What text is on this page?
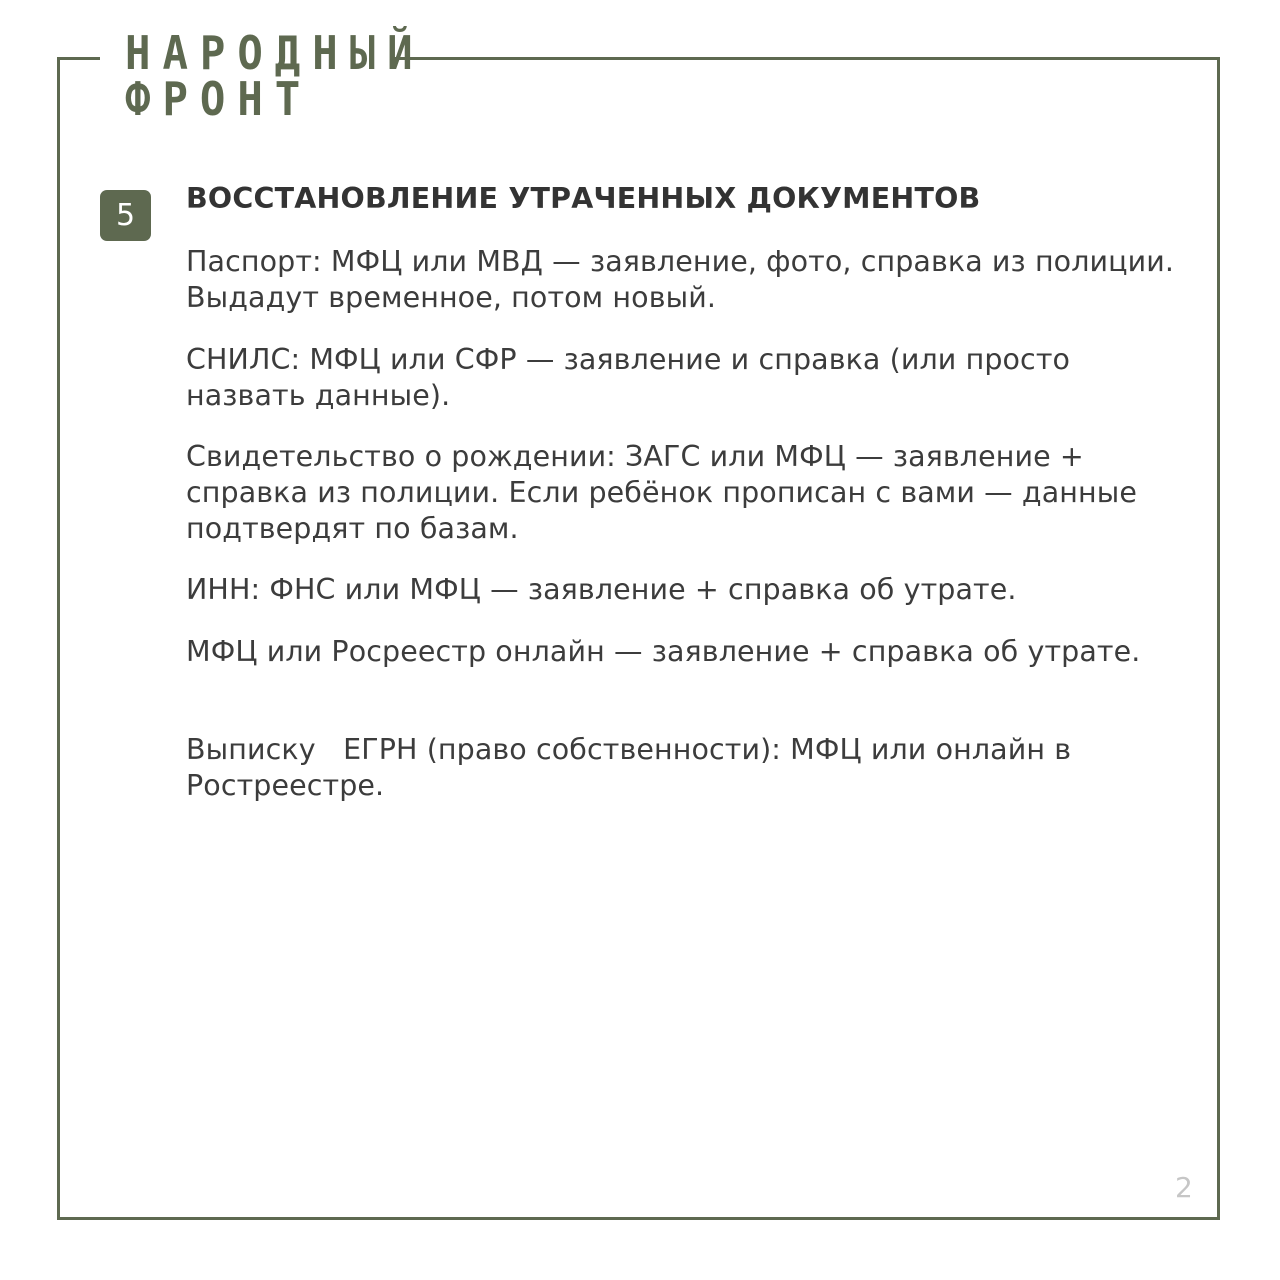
НАРОДНЫЙ
ФРОНТ
5	ВОССТАНОВЛЕНИЕ УТРАЧЕННЫХ ДОКУМЕНТОВ
Паспорт: МФЦ или МВД — заявление, фото, справка из полиции. Выдадут временное, потом новый.
СНИЛС: МФЦ или СФР — заявление и справка (или просто назвать данные).
Свидетельство о рождении: ЗАГС или МФЦ — заявление + справка из полиции. Если ребёнок прописан с вами — данные подтвердят по базам.
ИНН: ФНС или МФЦ — заявление + справка об утрате.
МФЦ или Росреестр онлайн — заявление + справка об утрате.
Выписку   ЕГРН (право собственности): МФЦ или онлайн в Ростреестре.
2
